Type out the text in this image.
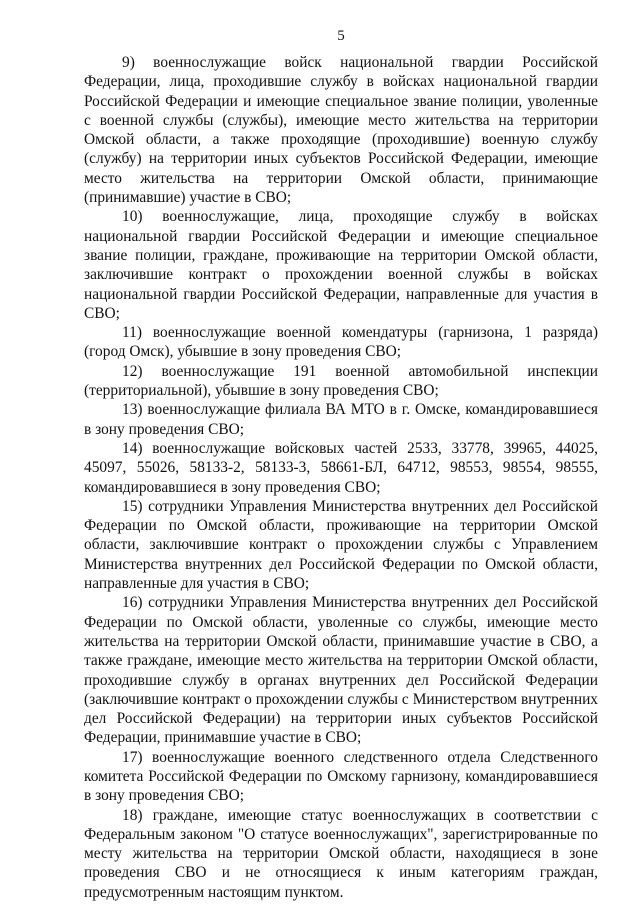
5

9) военнослужащие войск национальной гвардии Российской Федерации, лица, проходившие службу в войсках национальной гвардии Российской Федерации и имеющие специальное звание полиции, уволенные с военной службы (службы), имеющие место жительства на территории Омской области, а также проходящие (проходившие) военную службу (службу) на территории иных субъектов Российской Федерации, имеющие место жительства на территории Омской области, принимающие (принимавшие) участие в СВО;

10) военнослужащие, лица, проходящие службу в войсках национальной гвардии Российской Федерации и имеющие специальное звание полиции, граждане, проживающие на территории Омской области, заключившие контракт о прохождении военной службы в войсках национальной гвардии Российской Федерации, направленные для участия в СВО;

11) военнослужащие военной комендатуры (гарнизона, 1 разряда) (город Омск), убывшие в зону проведения СВО;

12) военнослужащие 191 военной автомобильной инспекции (территориальной), убывшие в зону проведения СВО;

13) военнослужащие филиала ВА МТО в г. Омске, командировавшиеся в зону проведения СВО;

14) военнослужащие войсковых частей 2533, 33778, 39965, 44025, 45097, 55026, 58133-2, 58133-3, 58661-БЛ, 64712, 98553, 98554, 98555, командировавшиеся в зону проведения СВО;

15) сотрудники Управления Министерства внутренних дел Российской Федерации по Омской области, проживающие на территории Омской области, заключившие контракт о прохождении службы с Управлением Министерства внутренних дел Российской Федерации по Омской области, направленные для участия в СВО;

16) сотрудники Управления Министерства внутренних дел Российской Федерации по Омской области, уволенные со службы, имеющие место жительства на территории Омской области, принимавшие участие в СВО, а также граждане, имеющие место жительства на территории Омской области, проходившие службу в органах внутренних дел Российской Федерации (заключившие контракт о прохождении службы с Министерством внутренних дел Российской Федерации) на территории иных субъектов Российской Федерации, принимавшие участие в СВО;

17) военнослужащие военного следственного отдела Следственного комитета Российской Федерации по Омскому гарнизону, командировавшиеся в зону проведения СВО;

18) граждане, имеющие статус военнослужащих в соответствии с Федеральным законом "О статусе военнослужащих", зарегистрированные по месту жительства на территории Омской области, находящиеся в зоне проведения СВО и не относящиеся к иным категориям граждан, предусмотренным настоящим пунктом.
